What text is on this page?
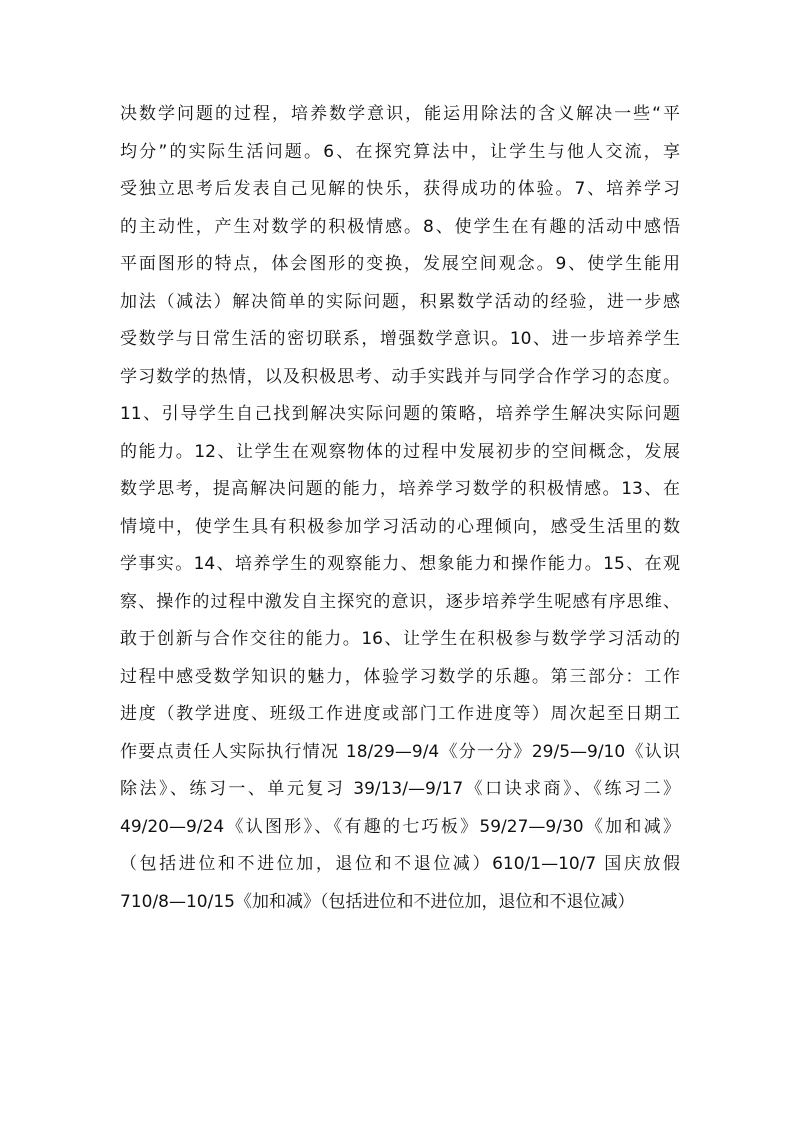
决数学问题的过程，培养数学意识，能运用除法的含义解决一些“平
均分”的实际生活问题。6、在探究算法中，让学生与他人交流，享
受独立思考后发表自己见解的快乐，获得成功的体验。7、培养学习
的主动性，产生对数学的积极情感。8、使学生在有趣的活动中感悟
平面图形的特点，体会图形的变换，发展空间观念。9、使学生能用
加法（减法）解决简单的实际问题，积累数学活动的经验，进一步感
受数学与日常生活的密切联系，增强数学意识。10、进一步培养学生
学习数学的热情，以及积极思考、动手实践并与同学合作学习的态度。
11、引导学生自己找到解决实际问题的策略，培养学生解决实际问题
的能力。12、让学生在观察物体的过程中发展初步的空间概念，发展
数学思考，提高解决问题的能力，培养学习数学的积极情感。13、在
情境中，使学生具有积极参加学习活动的心理倾向，感受生活里的数
学事实。14、培养学生的观察能力、想象能力和操作能力。15、在观
察、操作的过程中激发自主探究的意识，逐步培养学生呢感有序思维、
敢于创新与合作交往的能力。16、让学生在积极参与数学学习活动的
过程中感受数学知识的魅力，体验学习数学的乐趣。第三部分：工作
进度（教学进度、班级工作进度或部门工作进度等）周次起至日期工
作要点责任人实际执行情况 18/29—9/4《分一分》29/5—9/10《认识
除法》、练习一、单元复习 39/13/—9/17《口诀求商》、《练习二》
49/20—9/24《认图形》、《有趣的七巧板》59/27—9/30《加和减》
（包括进位和不进位加，退位和不退位减）610/1—10/7 国庆放假
710/8—10/15《加和减》（包括进位和不进位加，退位和不退位减）
